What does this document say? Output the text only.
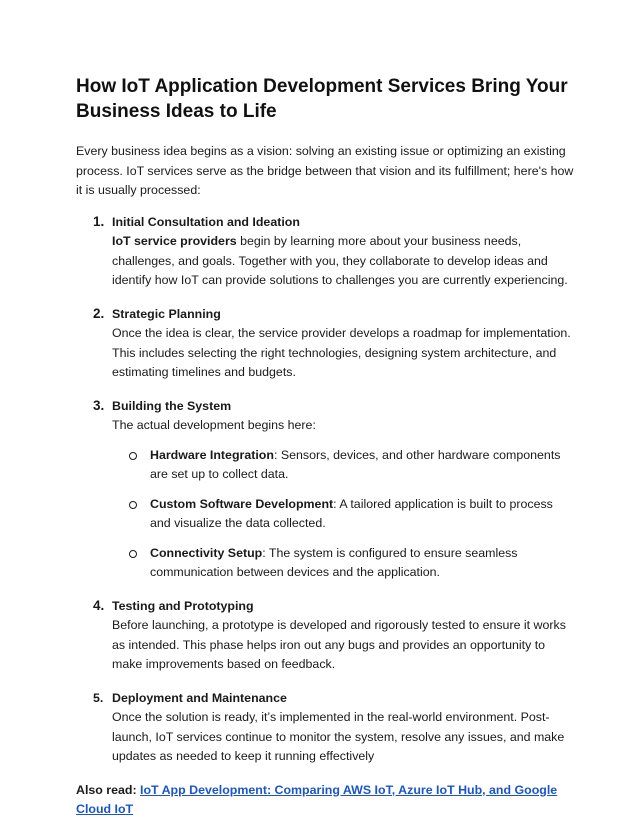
How IoT Application Development Services Bring Your Business Ideas to Life

Every business idea begins as a vision: solving an existing issue or optimizing an existing process. IoT services serve as the bridge between that vision and its fulfillment; here's how it is usually processed:

1. Initial Consultation and Ideation
IoT service providers begin by learning more about your business needs, challenges, and goals. Together with you, they collaborate to develop ideas and identify how IoT can provide solutions to challenges you are currently experiencing.
2. Strategic Planning
Once the idea is clear, the service provider develops a roadmap for implementation. This includes selecting the right technologies, designing system architecture, and estimating timelines and budgets.
3. Building the System
The actual development begins here:
Hardware Integration: Sensors, devices, and other hardware components are set up to collect data.
Custom Software Development: A tailored application is built to process and visualize the data collected.
Connectivity Setup: The system is configured to ensure seamless communication between devices and the application.
4. Testing and Prototyping
Before launching, a prototype is developed and rigorously tested to ensure it works as intended. This phase helps iron out any bugs and provides an opportunity to make improvements based on feedback.
5. Deployment and Maintenance
Once the solution is ready, it’s implemented in the real-world environment. Post-launch, IoT services continue to monitor the system, resolve any issues, and make updates as needed to keep it running effectively
Also read: IoT App Development: Comparing AWS IoT, Azure IoT Hub, and Google Cloud IoT
